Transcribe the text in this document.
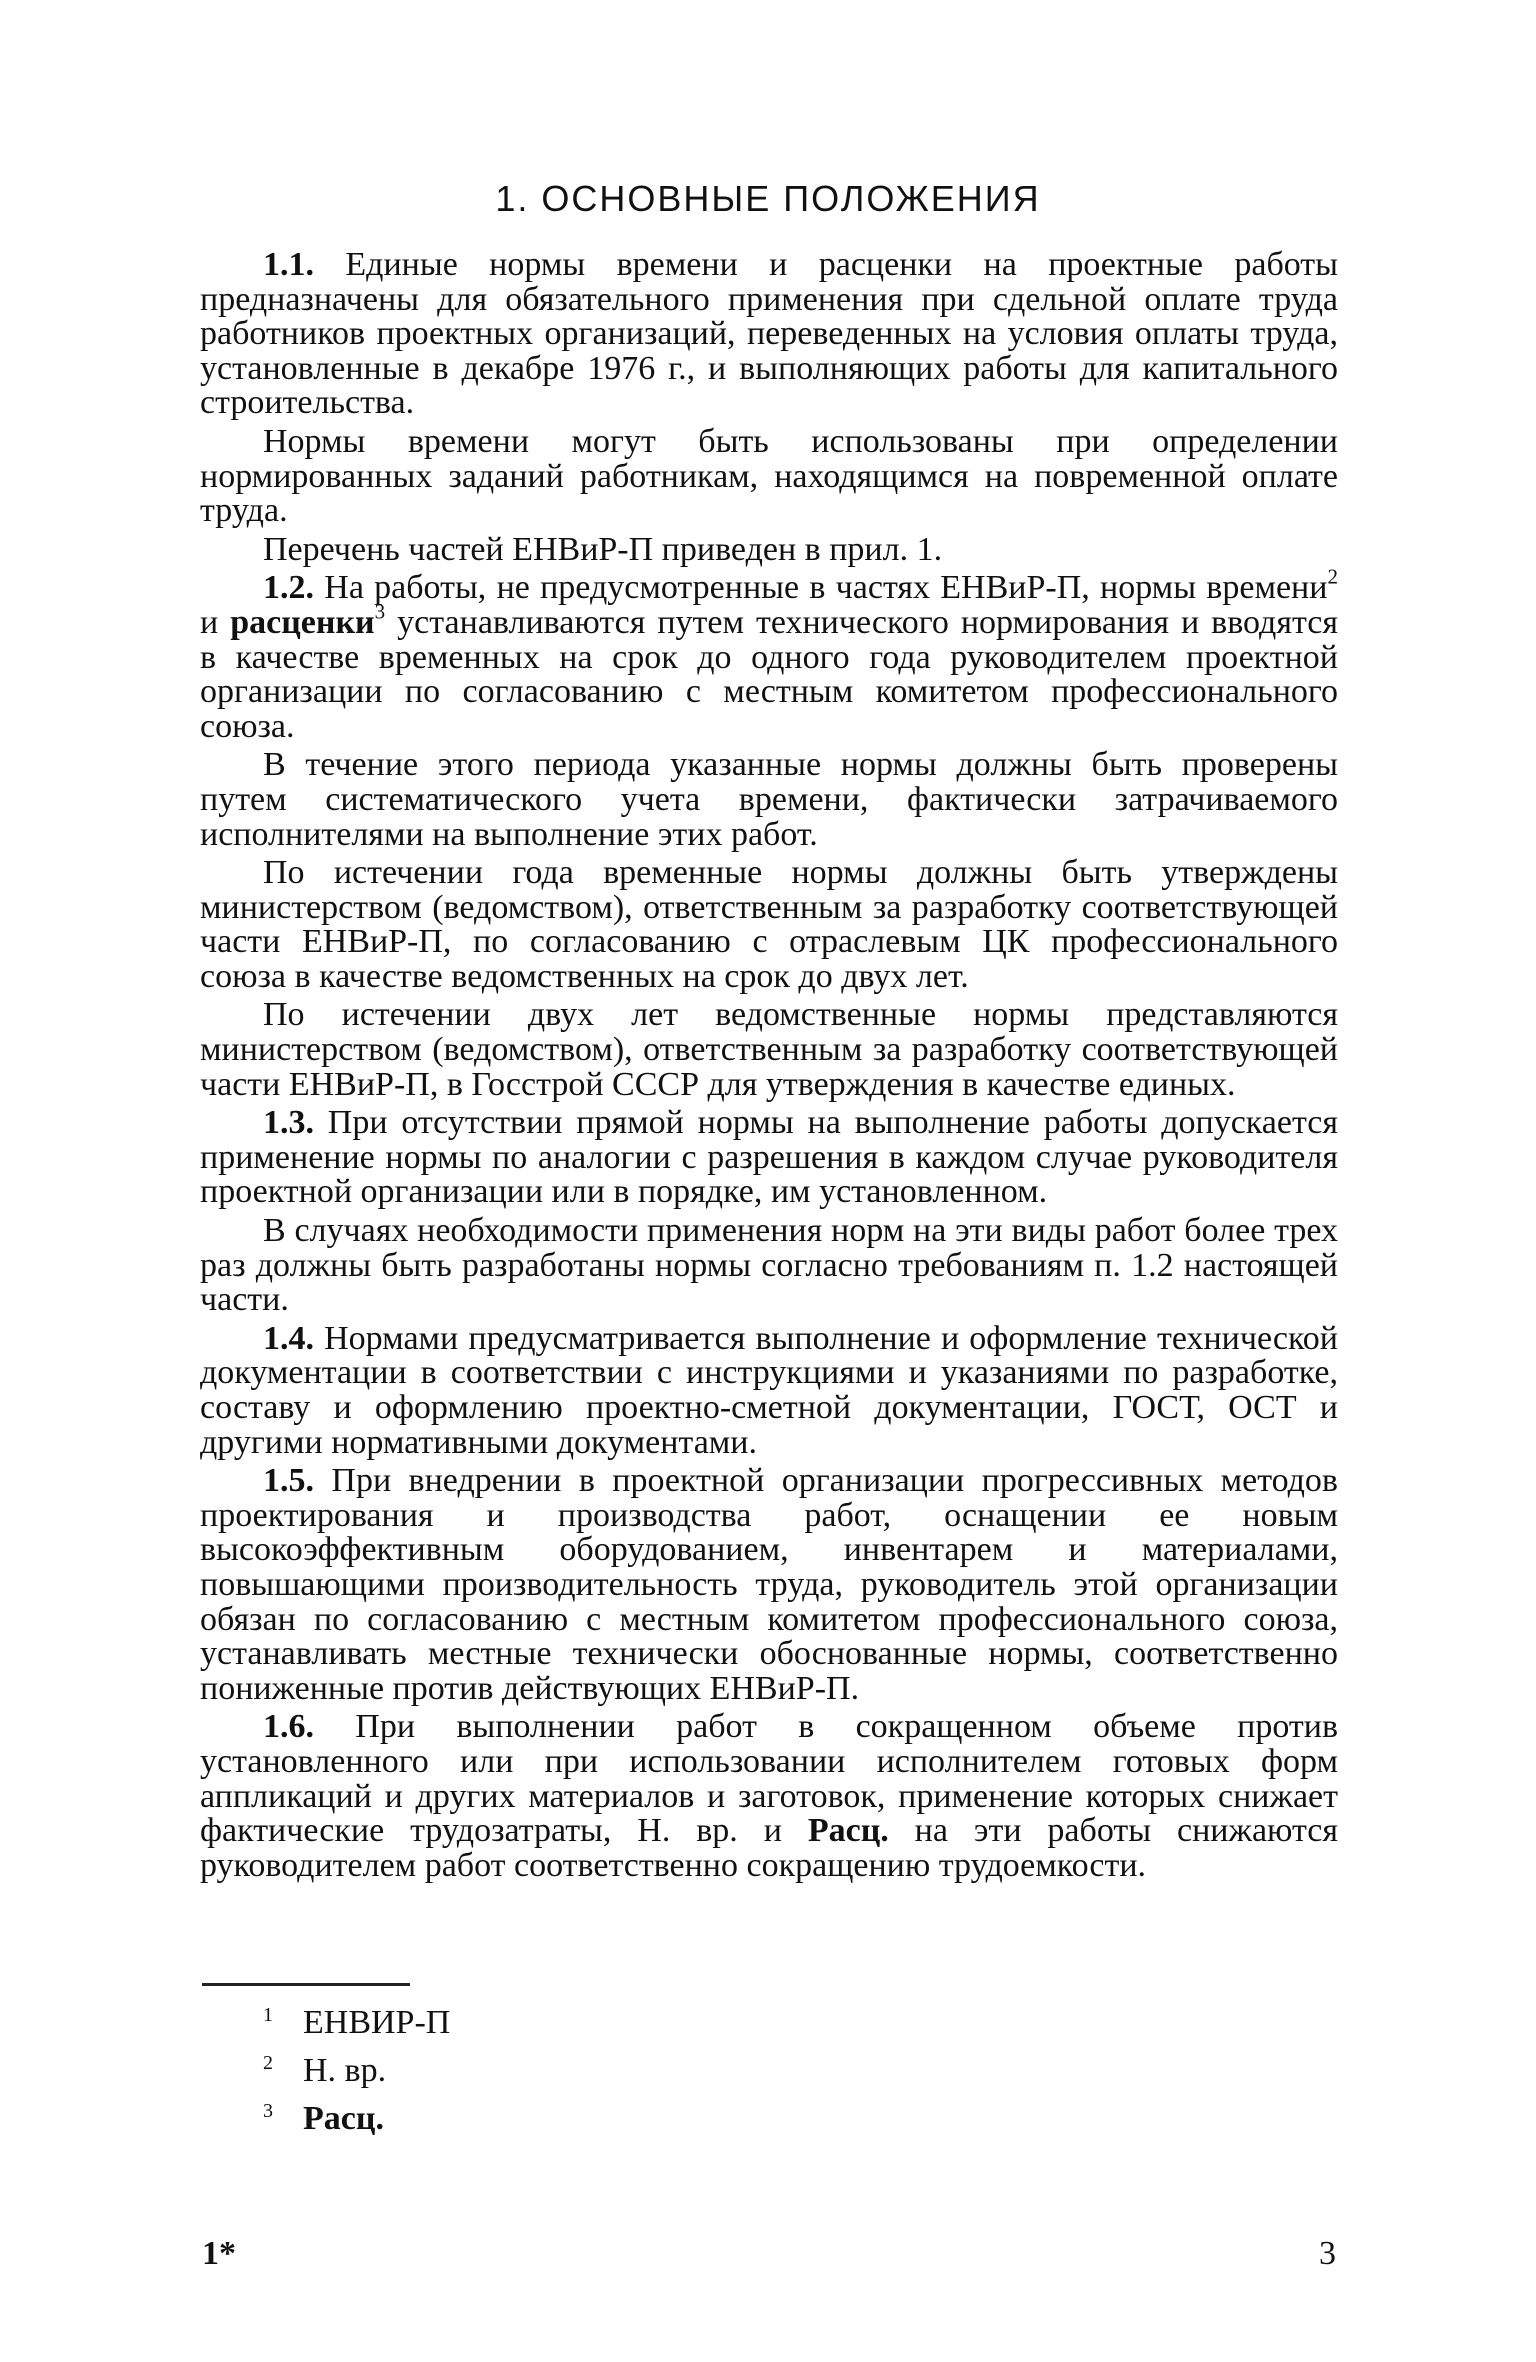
1. ОСНОВНЫЕ ПОЛОЖЕНИЯ

1.1. Единые нормы времени и расценки на проектные работы предназначены для обязательного применения при сдельной оплате труда работников проектных организаций, переведенных на условия оплаты труда, установленные в декабре 1976 г., и выполняющих работы для капитального строительства.

Нормы времени могут быть использованы при определении нормированных заданий работникам, находящимся на повременной оплате труда.

Перечень частей ЕНВиР-П приведен в прил. 1.

1.2. На работы, не предусмотренные в частях ЕНВиР-П, нормы времени$^2$ и расценки$^3$ устанавливаются путем технического нормирования и вводятся в качестве временных на срок до одного года руководителем проектной организации по согласованию с местным комитетом профессионального союза.

В течение этого периода указанные нормы должны быть проверены путем систематического учета времени, фактически затрачиваемого исполнителями на выполнение этих работ.

По истечении года временные нормы должны быть утверждены министерством (ведомством), ответственным за разработку соответствующей части ЕНВиР-П, по согласованию с отраслевым ЦК профессионального союза в качестве ведомственных на срок до двух лет.

По истечении двух лет ведомственные нормы представляются министерством (ведомством), ответственным за разработку соответствующей части ЕНВиР-П, в Госстрой СССР для утверждения в качестве единых.

1.3. При отсутствии прямой нормы на выполнение работы допускается применение нормы по аналогии с разрешения в каждом случае руководителя проектной организации или в порядке, им установленном.

В случаях необходимости применения норм на эти виды работ более трех раз должны быть разработаны нормы согласно требованиям п. 1.2 настоящей части.

1.4. Нормами предусматривается выполнение и оформление технической документации в соответствии с инструкциями и указаниями по разработке, составу и оформлению проектно-сметной документации, ГОСТ, ОСТ и другими нормативными документами.

1.5. При внедрении в проектной организации прогрессивных методов проектирования и производства работ, оснащении ее новым высокоэффективным оборудованием, инвентарем и материалами, повышающими производительность труда, руководитель этой организации обязан по согласованию с местным комитетом профессионального союза, устанавливать местные технически обоснованные нормы, соответственно пониженные против действующих ЕНВиР-П.

1.6. При выполнении работ в сокращенном объеме против установленного или при использовании исполнителем готовых форм аппликаций и других материалов и заготовок, применение которых снижает фактические трудозатраты, Н. вр. и Расц. на эти работы снижаются руководителем работ соответственно сокращению трудоемкости.

1 ЕНВИР-П
2 Н. вр.
3 Расц.
1*	3
